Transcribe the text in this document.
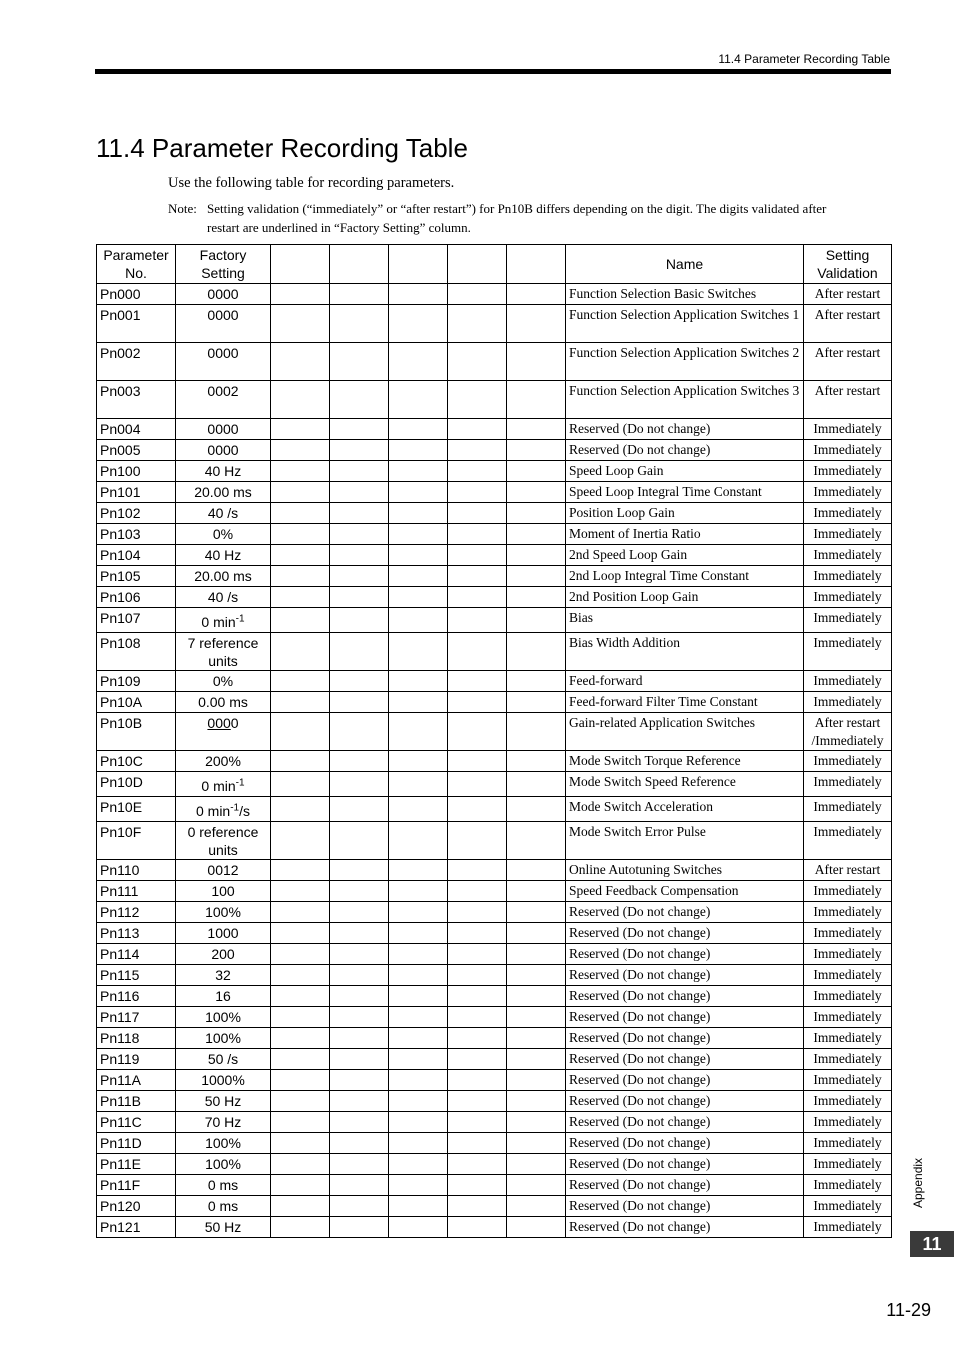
11.4 Parameter Recording Table
11.4 Parameter Recording Table
Use the following table for recording parameters.
Note: Setting validation (“immediately” or “after restart”) for Pn10B differs depending on the digit. The digits validated after restart are underlined in “Factory Setting” column.
Parameter No.	Factory Setting						Name	Setting Validation
Pn000	0000						Function Selection Basic Switches	After restart
Pn001	0000						Function Selection Application Switches 1	After restart
Pn002	0000						Function Selection Application Switches 2	After restart
Pn003	0002						Function Selection Application Switches 3	After restart
Pn004	0000						Reserved (Do not change)	Immediately
Pn005	0000						Reserved (Do not change)	Immediately
Pn100	40 Hz						Speed Loop Gain	Immediately
Pn101	20.00 ms						Speed Loop Integral Time Constant	Immediately
Pn102	40 /s						Position Loop Gain	Immediately
Pn103	0%						Moment of Inertia Ratio	Immediately
Pn104	40 Hz						2nd Speed Loop Gain	Immediately
Pn105	20.00 ms						2nd Loop Integral Time Constant	Immediately
Pn106	40 /s						2nd Position Loop Gain	Immediately
Pn107	0 $\min^{-1}$						Bias	Immediately
Pn108	7 reference units						Bias Width Addition	Immediately
Pn109	0%						Feed-forward	Immediately
Pn10A	0.00 ms						Feed-forward Filter Time Constant	Immediately
Pn10B	0000						Gain-related Application Switches	After restart /Immediately
Pn10C	200%						Mode Switch Torque Reference	Immediately
Pn10D	0 $\min^{-1}$						Mode Switch Speed Reference	Immediately
Pn10E	0 $\min^{-1}/s$						Mode Switch Acceleration	Immediately
Pn10F	0 reference units						Mode Switch Error Pulse	Immediately
Pn110	0012						Online Autotuning Switches	After restart
Pn111	100						Speed Feedback Compensation	Immediately
Pn112	100%						Reserved (Do not change)	Immediately
Pn113	1000						Reserved (Do not change)	Immediately
Pn114	200						Reserved (Do not change)	Immediately
Pn115	32						Reserved (Do not change)	Immediately
Pn116	16						Reserved (Do not change)	Immediately
Pn117	100%						Reserved (Do not change)	Immediately
Pn118	100%						Reserved (Do not change)	Immediately
Pn119	50 /s						Reserved (Do not change)	Immediately
Pn11A	1000%						Reserved (Do not change)	Immediately
Pn11B	50 Hz						Reserved (Do not change)	Immediately
Pn11C	70 Hz						Reserved (Do not change)	Immediately
Pn11D	100%						Reserved (Do not change)	Immediately
Pn11E	100%						Reserved (Do not change)	Immediately
Pn11F	0 ms						Reserved (Do not change)	Immediately
Pn120	0 ms						Reserved (Do not change)	Immediately
Pn121	50 Hz						Reserved (Do not change)	Immediately
Appendix
11
11-29
